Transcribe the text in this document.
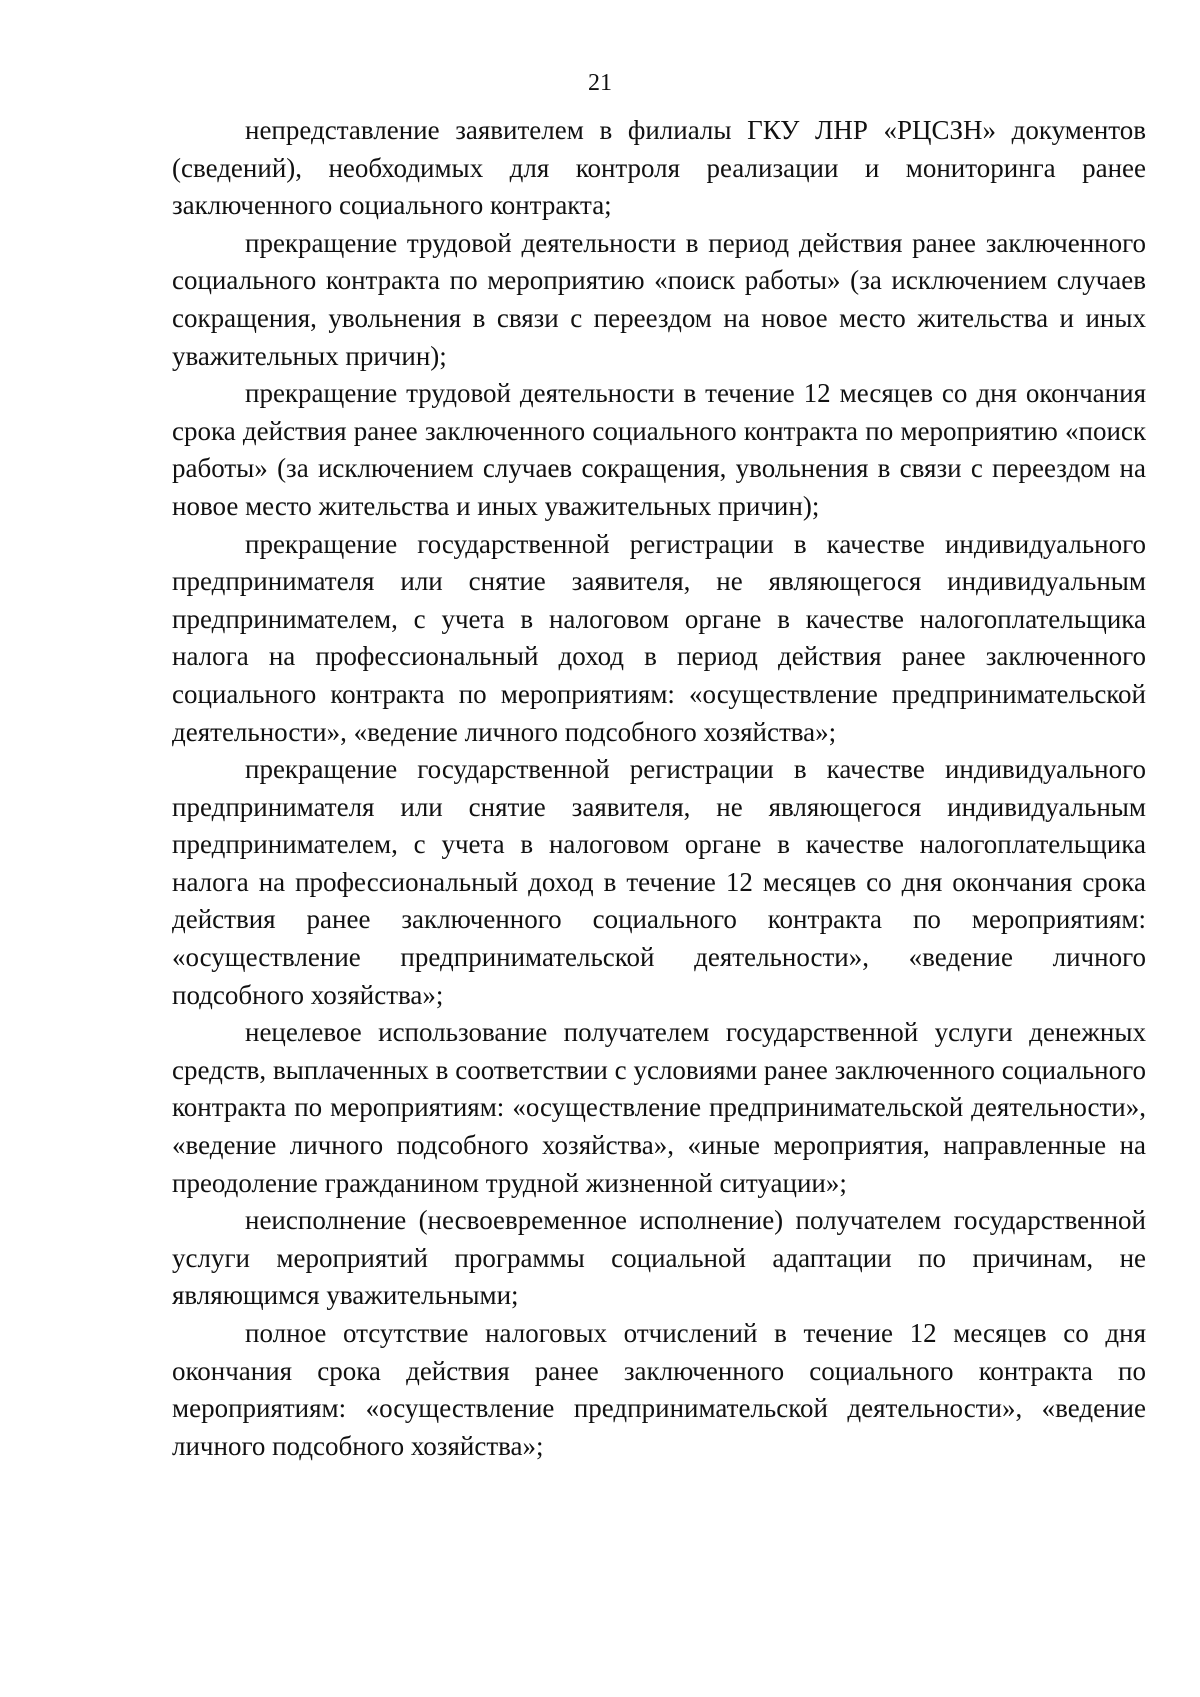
21

непредставление заявителем в филиалы ГКУ ЛНР «РЦСЗН» документов (сведений), необходимых для контроля реализации и мониторинга ранее заключенного социального контракта;

прекращение трудовой деятельности в период действия ранее заключенного социального контракта по мероприятию «поиск работы» (за исключением случаев сокращения, увольнения в связи с переездом на новое место жительства и иных уважительных причин);

прекращение трудовой деятельности в течение 12 месяцев со дня окончания срока действия ранее заключенного социального контракта по мероприятию «поиск работы» (за исключением случаев сокращения, увольнения в связи с переездом на новое место жительства и иных уважительных причин);

прекращение государственной регистрации в качестве индивидуального предпринимателя или снятие заявителя, не являющегося индивидуальным предпринимателем, с учета в налоговом органе в качестве налогоплательщика налога на профессиональный доход в период действия ранее заключенного социального контракта по мероприятиям: «осуществление предпринимательской деятельности», «ведение личного подсобного хозяйства»;

прекращение государственной регистрации в качестве индивидуального предпринимателя или снятие заявителя, не являющегося индивидуальным предпринимателем, с учета в налоговом органе в качестве налогоплательщика налога на профессиональный доход в течение 12 месяцев со дня окончания срока действия ранее заключенного социального контракта по мероприятиям: «осуществление предпринимательской деятельности», «ведение личного подсобного хозяйства»;

нецелевое использование получателем государственной услуги денежных средств, выплаченных в соответствии с условиями ранее заключенного социального контракта по мероприятиям: «осуществление предпринимательской деятельности», «ведение личного подсобного хозяйства», «иные мероприятия, направленные на преодоление гражданином трудной жизненной ситуации»;

неисполнение (несвоевременное исполнение) получателем государственной услуги мероприятий программы социальной адаптации по причинам, не являющимся уважительными;

полное отсутствие налоговых отчислений в течение 12 месяцев со дня окончания срока действия ранее заключенного социального контракта по мероприятиям: «осуществление предпринимательской деятельности», «ведение личного подсобного хозяйства»;
